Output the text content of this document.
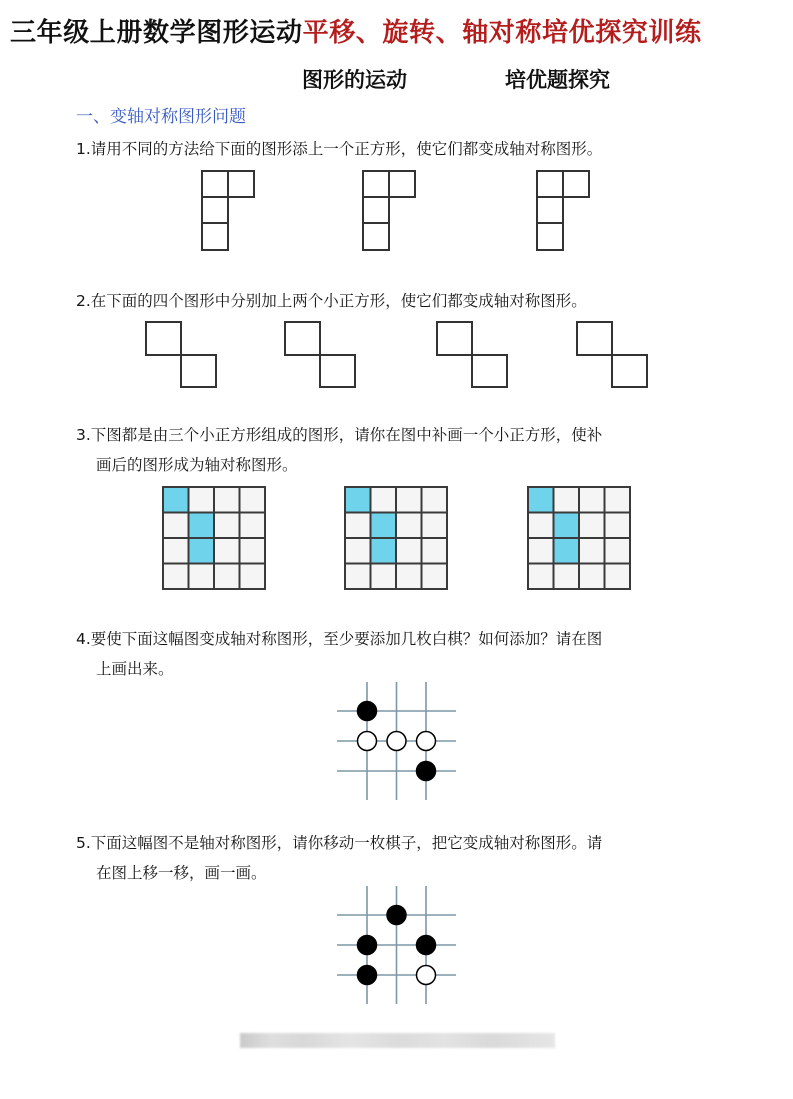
三年级上册数学图形运动平移、旋转、轴对称培优探究训练
图形的运动	培优题探究
一、变轴对称图形问题
1.请用不同的方法给下面的图形添上一个正方形，使它们都变成轴对称图形。
2.在下面的四个图形中分别加上两个小正方形，使它们都变成轴对称图形。
3.下图都是由三个小正方形组成的图形，请你在图中补画一个小正方形，使补
画后的图形成为轴对称图形。
4.要使下面这幅图变成轴对称图形，至少要添加几枚白棋？如何添加？请在图
上画出来。
5.下面这幅图不是轴对称图形，请你移动一枚棋子，把它变成轴对称图形。请
在图上移一移，画一画。
